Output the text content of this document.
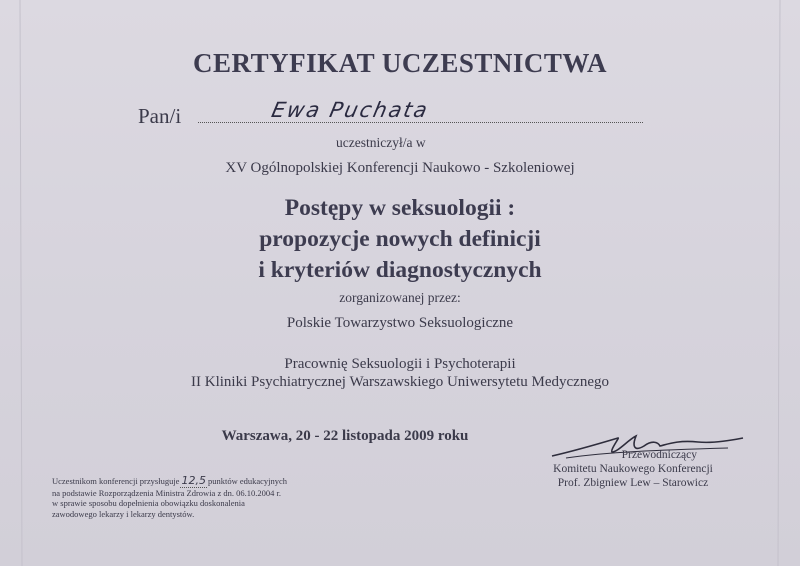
CERTYFIKAT UCZESTNICTWA
Pan/i	Ewa Puchata
uczestniczył/a w
XV Ogólnopolskiej Konferencji Naukowo - Szkoleniowej
Postępy w seksuologii :
propozycje nowych definicji
i kryteriów diagnostycznych
zorganizowanej przez:
Polskie Towarzystwo Seksuologiczne
Pracownię Seksuologii i Psychoterapii
II Kliniki Psychiatrycznej Warszawskiego Uniwersytetu Medycznego
Warszawa, 20 - 22 listopada 2009 roku
Przewodniczący
Komitetu Naukowego Konferencji
Prof. Zbigniew Lew – Starowicz
Uczestnikom konferencji przysługuje 12,5 punktów edukacyjnych
na podstawie Rozporządzenia Ministra Zdrowia z dn. 06.10.2004 r.
w sprawie sposobu dopełnienia obowiązku doskonalenia
zawodowego lekarzy i lekarzy dentystów.
